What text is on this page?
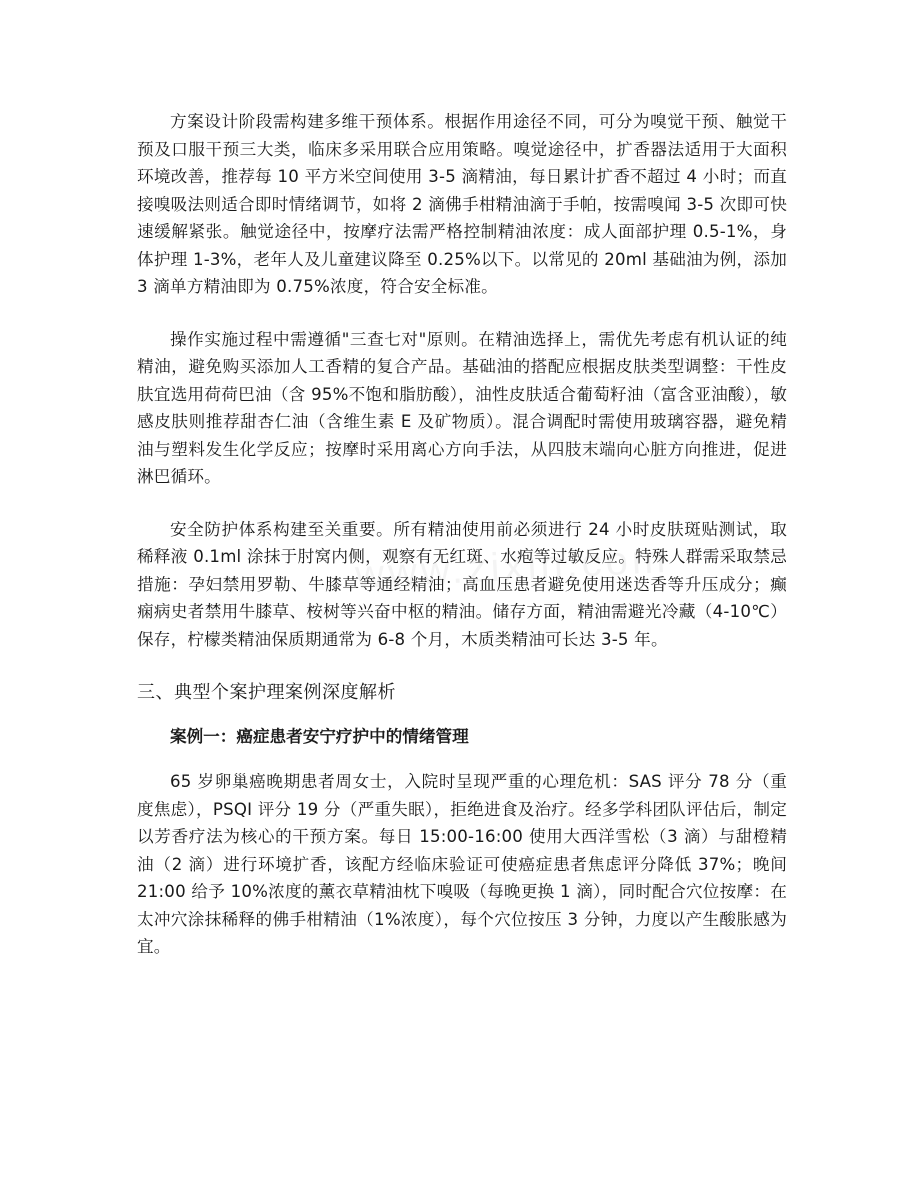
方案设计阶段需构建多维干预体系。根据作用途径不同，可分为嗅觉干预、触觉干预及口服干预三大类，临床多采用联合应用策略。嗅觉途径中，扩香器法适用于大面积环境改善，推荐每 10 平方米空间使用 3-5 滴精油，每日累计扩香不超过 4 小时；而直接嗅吸法则适合即时情绪调节，如将 2 滴佛手柑精油滴于手帕，按需嗅闻 3-5 次即可快速缓解紧张。触觉途径中，按摩疗法需严格控制精油浓度：成人面部护理 0.5-1%，身体护理 1-3%，老年人及儿童建议降至 0.25%以下。以常见的 20ml 基础油为例，添加 3 滴单方精油即为 0.75%浓度，符合安全标准。

操作实施过程中需遵循"三查七对"原则。在精油选择上，需优先考虑有机认证的纯精油，避免购买添加人工香精的复合产品。基础油的搭配应根据皮肤类型调整：干性皮肤宜选用荷荷巴油（含 95%不饱和脂肪酸），油性皮肤适合葡萄籽油（富含亚油酸），敏感皮肤则推荐甜杏仁油（含维生素 E 及矿物质）。混合调配时需使用玻璃容器，避免精油与塑料发生化学反应；按摩时采用离心方向手法，从四肢末端向心脏方向推进，促进淋巴循环。

安全防护体系构建至关重要。所有精油使用前必须进行 24 小时皮肤斑贴测试，取稀释液 0.1ml 涂抹于肘窝内侧，观察有无红斑、水疱等过敏反应。特殊人群需采取禁忌措施：孕妇禁用罗勒、牛膝草等通经精油；高血压患者避免使用迷迭香等升压成分；癫痫病史者禁用牛膝草、桉树等兴奋中枢的精油。储存方面，精油需避光冷藏（4-10℃）保存，柠檬类精油保质期通常为 6-8 个月，木质类精油可长达 3-5 年。

三、典型个案护理案例深度解析
案例一：癌症患者安宁疗护中的情绪管理

65 岁卵巢癌晚期患者周女士，入院时呈现严重的心理危机：SAS 评分 78 分（重度焦虑），PSQI 评分 19 分（严重失眠），拒绝进食及治疗。经多学科团队评估后，制定以芳香疗法为核心的干预方案。每日 15:00-16:00 使用大西洋雪松（3 滴）与甜橙精油（2 滴）进行环境扩香，该配方经临床验证可使癌症患者焦虑评分降低 37%；晚间 21:00 给予 10%浓度的薰衣草精油枕下嗅吸（每晚更换 1 滴），同时配合穴位按摩：在太冲穴涂抹稀释的佛手柑精油（1%浓度），每个穴位按压 3 分钟，力度以产生酸胀感为宜。
